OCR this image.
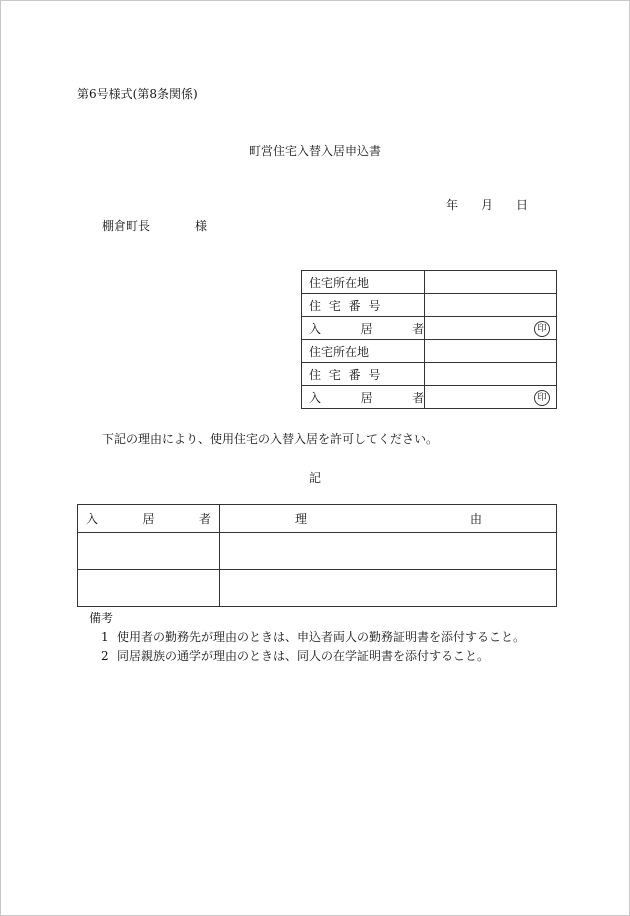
第6号様式(第8条関係)
町営住宅入替入居申込書
年 月 日
棚倉町長	様
住宅所在地	
住 宅 番 号	
入  居  者	印

住宅所在地	
住 宅 番 号	
入  居  者	印
下記の理由により、使用住宅の入替入居を許可してください。
記
入 居 者	理 由

備考
1 使用者の勤務先が理由のときは、申込者両人の勤務証明書を添付すること。
2 同居親族の通学が理由のときは、同人の在学証明書を添付すること。
